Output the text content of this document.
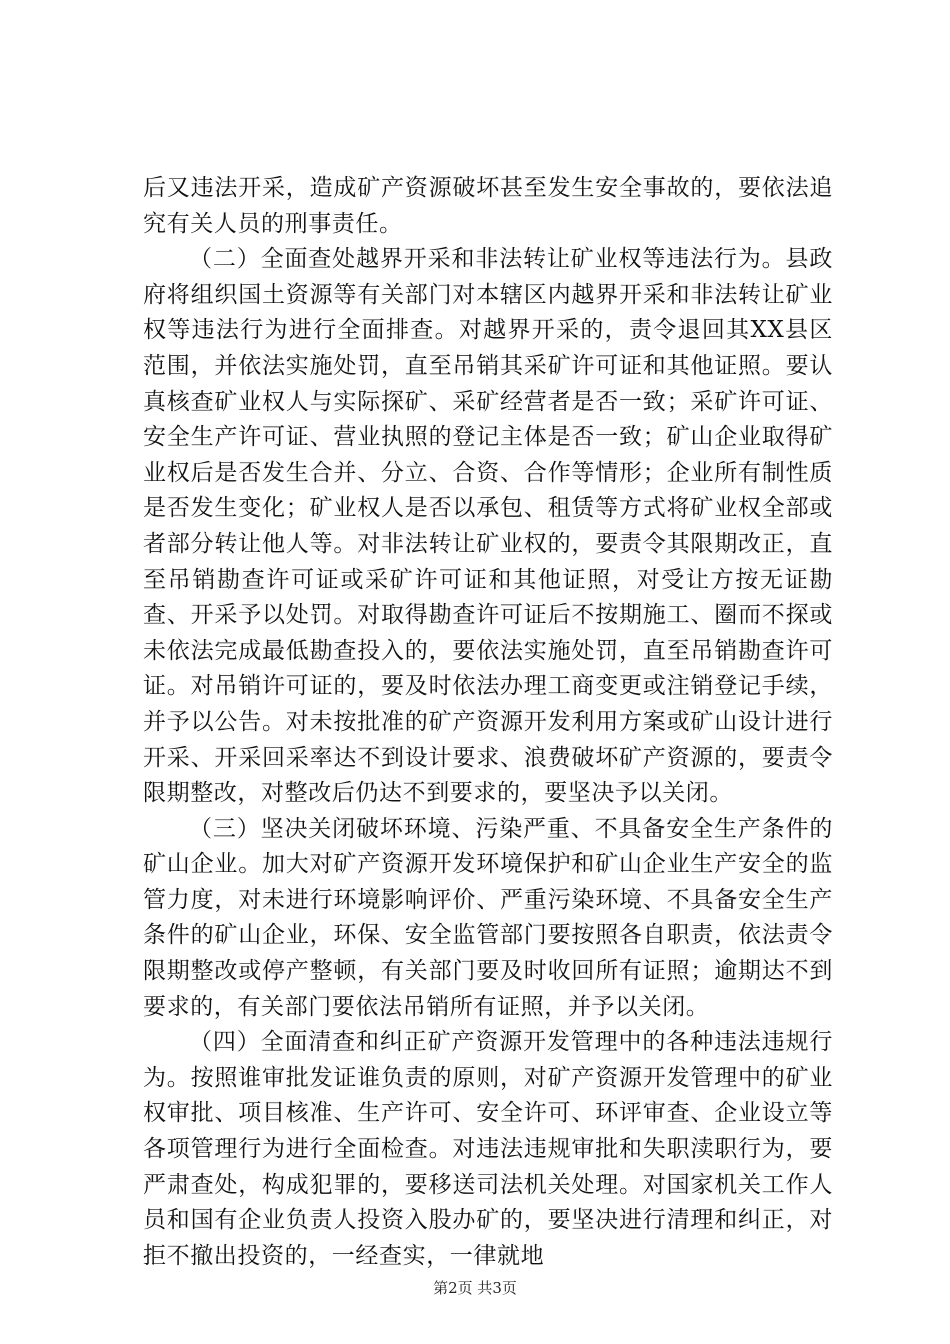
后又违法开采，造成矿产资源破坏甚至发生安全事故的，要依法追究有关人员的刑事责任。

（二）全面查处越界开采和非法转让矿业权等违法行为。县政府将组织国土资源等有关部门对本辖区内越界开采和非法转让矿业权等违法行为进行全面排查。对越界开采的，责令退回其XX县区范围，并依法实施处罚，直至吊销其采矿许可证和其他证照。要认真核查矿业权人与实际探矿、采矿经营者是否一致；采矿许可证、安全生产许可证、营业执照的登记主体是否一致；矿山企业取得矿业权后是否发生合并、分立、合资、合作等情形；企业所有制性质是否发生变化；矿业权人是否以承包、租赁等方式将矿业权全部或者部分转让他人等。对非法转让矿业权的，要责令其限期改正，直至吊销勘查许可证或采矿许可证和其他证照，对受让方按无证勘查、开采予以处罚。对取得勘查许可证后不按期施工、圈而不探或未依法完成最低勘查投入的，要依法实施处罚，直至吊销勘查许可证。对吊销许可证的，要及时依法办理工商变更或注销登记手续，并予以公告。对未按批准的矿产资源开发利用方案或矿山设计进行开采、开采回采率达不到设计要求、浪费破坏矿产资源的，要责令限期整改，对整改后仍达不到要求的，要坚决予以关闭。

（三）坚决关闭破坏环境、污染严重、不具备安全生产条件的矿山企业。加大对矿产资源开发环境保护和矿山企业生产安全的监管力度，对未进行环境影响评价、严重污染环境、不具备安全生产条件的矿山企业，环保、安全监管部门要按照各自职责，依法责令限期整改或停产整顿，有关部门要及时收回所有证照；逾期达不到要求的，有关部门要依法吊销所有证照，并予以关闭。

（四）全面清查和纠正矿产资源开发管理中的各种违法违规行为。按照谁审批发证谁负责的原则，对矿产资源开发管理中的矿业权审批、项目核准、生产许可、安全许可、环评审查、企业设立等各项管理行为进行全面检查。对违法违规审批和失职渎职行为，要严肃查处，构成犯罪的，要移送司法机关处理。对国家机关工作人员和国有企业负责人投资入股办矿的，要坚决进行清理和纠正，对拒不撤出投资的，一经查实，一律就地

第2页 共3页
